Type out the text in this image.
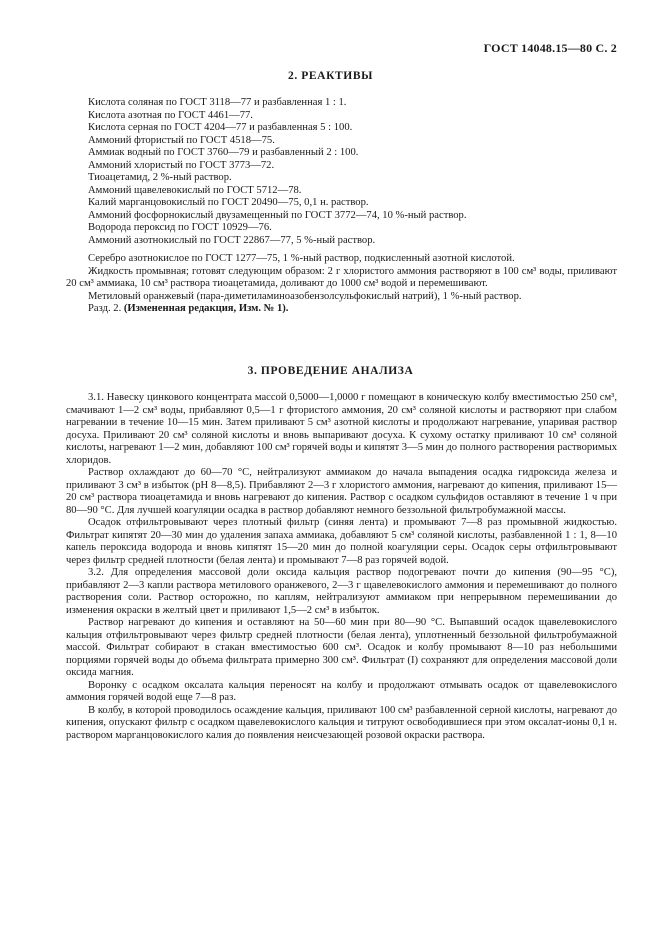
ГОСТ 14048.15—80 С. 2
2. РЕАКТИВЫ

Кислота соляная по ГОСТ 3118—77 и разбавленная 1 : 1.

Кислота азотная по ГОСТ 4461—77.

Кислота серная по ГОСТ 4204—77 и разбавленная 5 : 100.

Аммоний фтористый по ГОСТ 4518—75.

Аммиак водный по ГОСТ 3760—79 и разбавленный 2 : 100.

Аммоний хлористый по ГОСТ 3773—72.

Тиоацетамид, 2 %-ный раствор.

Аммоний щавелевокислый по ГОСТ 5712—78.

Калий марганцовокислый по ГОСТ 20490—75, 0,1 н. раствор.

Аммоний фосфорнокислый двузамещенный по ГОСТ 3772—74, 10 %-ный раствор.

Водорода пероксид по ГОСТ 10929—76.

Аммоний азотнокислый по ГОСТ 22867—77, 5 %-ный раствор.

Серебро азотнокислое по ГОСТ 1277—75, 1 %-ный раствор, подкисленный азотной кислотой.

Жидкость промывная; готовят следующим образом: 2 г хлористого аммония растворяют в 100 см³ воды, приливают 20 см³ аммиака, 10 см³ раствора тиоацетамида, доливают до 1000 см³ водой и перемешивают.

Метиловый оранжевый (пара-диметиламиноазобензолсульфокислый натрий), 1 %-ный раствор.

Разд. 2. (Измененная редакция, Изм. № 1).

3. ПРОВЕДЕНИЕ АНАЛИЗА

3.1. Навеску цинкового концентрата массой 0,5000—1,0000 г помещают в коническую колбу вместимостью 250 см³, смачивают 1—2 см³ воды, прибавляют 0,5—1 г фтористого аммония, 20 см³ соляной кислоты и растворяют при слабом нагревании в течение 10—15 мин. Затем приливают 5 см³ азотной кислоты и продолжают нагревание, упаривая раствор досуха. Приливают 20 см³ соляной кислоты и вновь выпаривают досуха. К сухому остатку приливают 10 см³ соляной кислоты, нагревают 1—2 мин, добавляют 100 см³ горячей воды и кипятят 3—5 мин до полного растворения растворимых хлоридов.

Раствор охлаждают до 60—70 °С, нейтрализуют аммиаком до начала выпадения осадка гидроксида железа и приливают 3 см³ в избыток (рН 8—8,5). Прибавляют 2—3 г хлористого аммония, нагревают до кипения, приливают 15—20 см³ раствора тиоацетамида и вновь нагревают до кипения. Раствор с осадком сульфидов оставляют в течение 1 ч при 80—90 °С. Для лучшей коагуляции осадка в раствор добавляют немного беззольной фильтробумажной массы.

Осадок отфильтровывают через плотный фильтр (синяя лента) и промывают 7—8 раз промывной жидкостью. Фильтрат кипятят 20—30 мин до удаления запаха аммиака, добавляют 5 см³ соляной кислоты, разбавленной 1 : 1, 8—10 капель пероксида водорода и вновь кипятят 15—20 мин до полной коагуляции серы. Осадок серы отфильтровывают через фильтр средней плотности (белая лента) и промывают 7—8 раз горячей водой.

3.2. Для определения массовой доли оксида кальция раствор подогревают почти до кипения (90—95 °С), прибавляют 2—3 капли раствора метилового оранжевого, 2—3 г щавелевокислого аммония и перемешивают до полного растворения соли. Раствор осторожно, по каплям, нейтрализуют аммиаком при непрерывном перемешивании до изменения окраски в желтый цвет и приливают 1,5—2 см³ в избыток.

Раствор нагревают до кипения и оставляют на 50—60 мин при 80—90 °С. Выпавший осадок щавелевокислого кальция отфильтровывают через фильтр средней плотности (белая лента), уплотненный беззольной фильтробумажной массой. Фильтрат собирают в стакан вместимостью 600 см³. Осадок и колбу промывают 8—10 раз небольшими порциями горячей воды до объема фильтрата примерно 300 см³. Фильтрат (I) сохраняют для определения массовой доли оксида магния.

Воронку с осадком оксалата кальция переносят на колбу и продолжают отмывать осадок от щавелевокислого аммония горячей водой еще 7—8 раз.

В колбу, в которой проводилось осаждение кальция, приливают 100 см³ разбавленной серной кислоты, нагревают до кипения, опускают фильтр с осадком щавелевокислого кальция и титруют освободившиеся при этом оксалат-ионы 0,1 н. раствором марганцовокислого калия до появления неисчезающей розовой окраски раствора.
